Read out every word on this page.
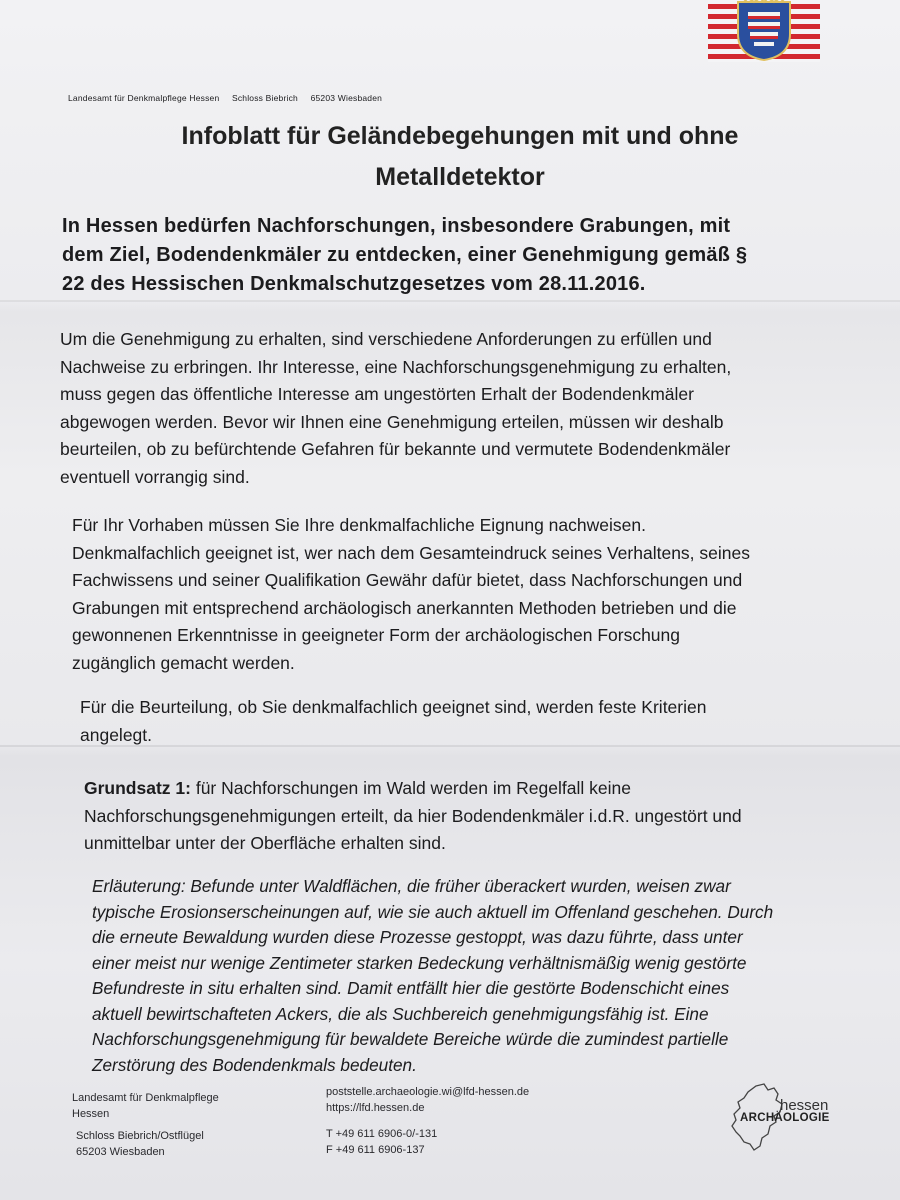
Landesamt für Denkmalpflege Hessen Schloss Biebrich 65203 Wiesbaden
Infoblatt für Geländebegehungen mit und ohne
Metalldetektor
In Hessen bedürfen Nachforschungen, insbesondere Grabungen, mit
dem Ziel, Bodendenkmäler zu entdecken, einer Genehmigung gemäß §
22 des Hessischen Denkmalschutzgesetzes vom 28.11.2016.
Um die Genehmigung zu erhalten, sind verschiedene Anforderungen zu erfüllen und
Nachweise zu erbringen. Ihr Interesse, eine Nachforschungsgenehmigung zu erhalten,
muss gegen das öffentliche Interesse am ungestörten Erhalt der Bodendenkmäler
abgewogen werden. Bevor wir Ihnen eine Genehmigung erteilen, müssen wir deshalb
beurteilen, ob zu befürchtende Gefahren für bekannte und vermutete Bodendenkmäler
eventuell vorrangig sind.
Für Ihr Vorhaben müssen Sie Ihre denkmalfachliche Eignung nachweisen.
Denkmalfachlich geeignet ist, wer nach dem Gesamteindruck seines Verhaltens, seines
Fachwissens und seiner Qualifikation Gewähr dafür bietet, dass Nachforschungen und
Grabungen mit entsprechend archäologisch anerkannten Methoden betrieben und die
gewonnenen Erkenntnisse in geeigneter Form der archäologischen Forschung
zugänglich gemacht werden.
Für die Beurteilung, ob Sie denkmalfachlich geeignet sind, werden feste Kriterien
angelegt.
Grundsatz 1: für Nachforschungen im Wald werden im Regelfall keine
Nachforschungsgenehmigungen erteilt, da hier Bodendenkmäler i.d.R. ungestört und
unmittelbar unter der Oberfläche erhalten sind.
Erläuterung: Befunde unter Waldflächen, die früher überackert wurden, weisen zwar
typische Erosionserscheinungen auf, wie sie auch aktuell im Offenland geschehen. Durch
die erneute Bewaldung wurden diese Prozesse gestoppt, was dazu führte, dass unter
einer meist nur wenige Zentimeter starken Bedeckung verhältnismäßig wenig gestörte
Befundreste in situ erhalten sind. Damit entfällt hier die gestörte Bodenschicht eines
aktuell bewirtschafteten Ackers, die als Suchbereich genehmigungsfähig ist. Eine
Nachforschungsgenehmigung für bewaldete Bereiche würde die zumindest partielle
Zerstörung des Bodendenkmals bedeuten.
Landesamt für Denkmalpflege
Hessen
Schloss Biebrich/Ostflügel
65203 Wiesbaden
poststelle.archaeologie.wi@lfd-hessen.de
https://lfd.hessen.de
T +49 611 6906-0/-131
F +49 611 6906-137
hessen
ARCHÄOLOGIE
